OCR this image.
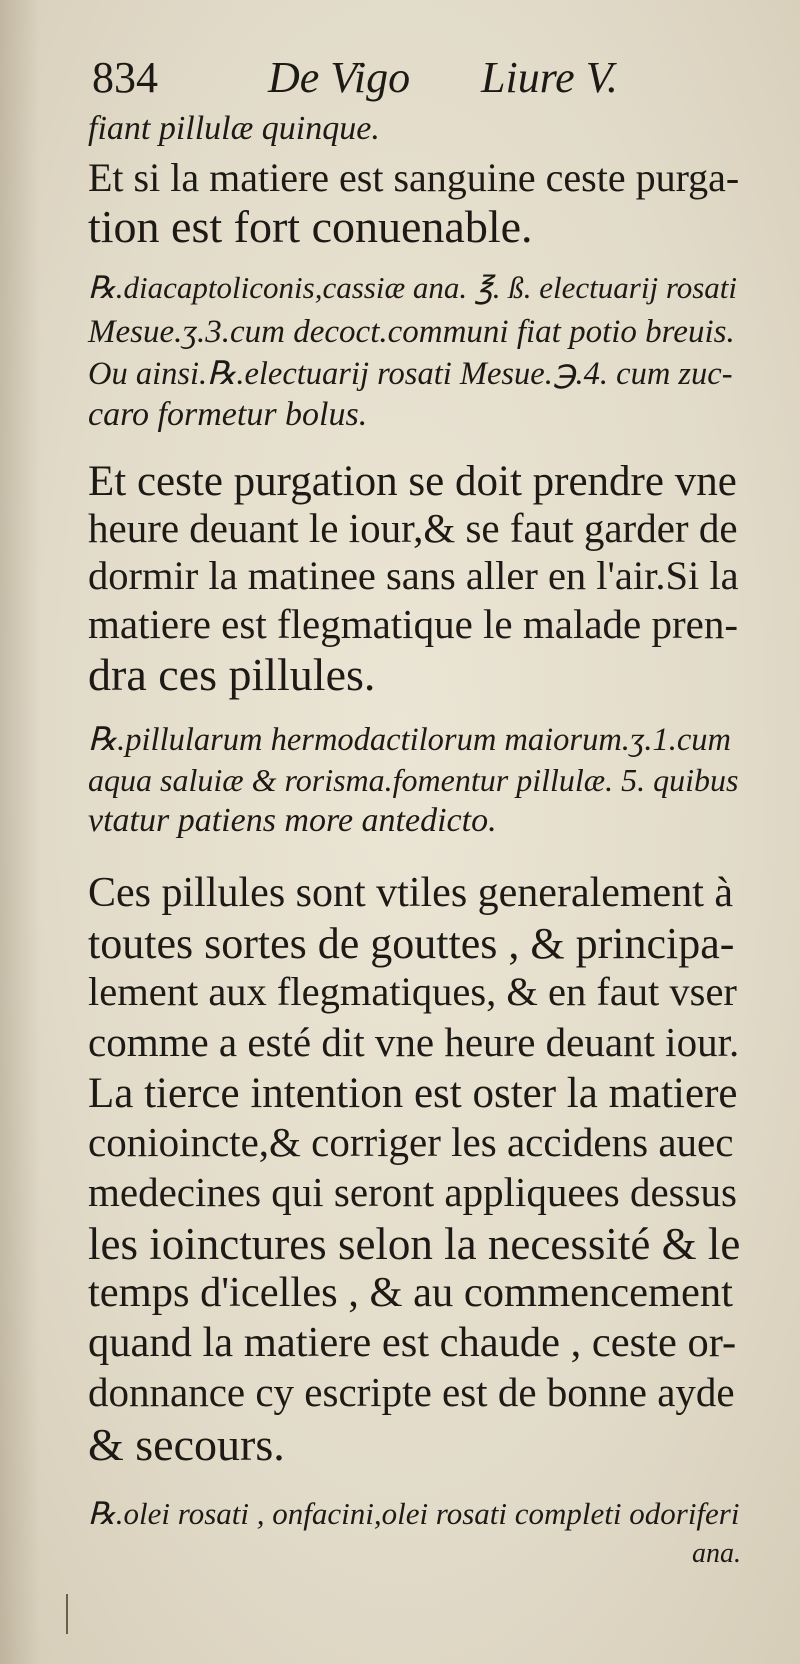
834	De Vigo Liure V.
fiant pillulæ quinque.
Et si la matiere est sanguine ceste purga-
tion est fort conuenable.
℞.diacaptoliconis,cassiæ ana. ℥. ß. electuarij rosati
Mesue.ʒ.3.cum decoct.communi fiat potio breuis.
Ou ainsi.℞.electuarij rosati Mesue.℈.4. cum zuc-
caro formetur bolus.
Et ceste purgation se doit prendre vne
heure deuant le iour,& se faut garder de
dormir la matinee sans aller en l'air.Si la
matiere est flegmatique le malade pren-
dra ces pillules.
℞.pillularum hermodactilorum maiorum.ʒ.1.cum
aqua saluiæ & rorisma.fomentur pillulæ. 5. quibus
vtatur patiens more antedicto.
Ces pillules sont vtiles generalement à
toutes sortes de gouttes , & principa-
lement aux flegmatiques, & en faut vser
comme a esté dit vne heure deuant iour.
La tierce intention est oster la matiere
conioincte,& corriger les accidens auec
medecines qui seront appliquees dessus
les ioinctures selon la necessité & le
temps d'icelles , & au commencement
quand la matiere est chaude , ceste or-
donnance cy escripte est de bonne ayde
& secours.
℞.olei rosati , onfacini,olei rosati completi odoriferi
ana.
